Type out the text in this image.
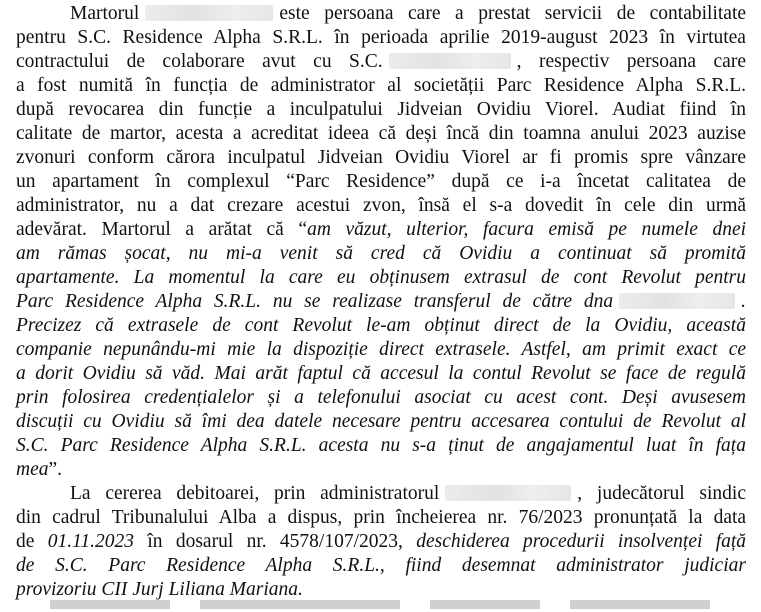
Martorul	este persoana care a prestat servicii de contabilitate
pentru S.C. Residence Alpha S.R.L. în perioada aprilie 2019-august 2023 în virtutea
contractului de colaborare avut cu S.C.	, respectiv persoana care
a fost numită în funcția de administrator al societății Parc Residence Alpha S.R.L.
după revocarea din funcție a inculpatului Jidveian Ovidiu Viorel. Audiat fiind în
calitate de martor, acesta a acreditat ideea că deși încă din toamna anului 2023 auzise
zvonuri conform cărora inculpatul Jidveian Ovidiu Viorel ar fi promis spre vânzare
un apartament în complexul “Parc Residence” după ce i-a încetat calitatea de
administrator, nu a dat crezare acestui zvon, însă el s-a dovedit în cele din urmă
adevărat. Martorul a arătat că “am văzut, ulterior, facura emisă pe numele dnei
am rămas șocat, nu mi-a venit să cred că Ovidiu a continuat să promită
apartamente. La momentul la care eu obținusem extrasul de cont Revolut pentru
Parc Residence Alpha S.R.L. nu se realizase transferul de către dna	.
Precizez că extrasele de cont Revolut le-am obținut direct de la Ovidiu, această
companie nepunându-mi mie la dispoziție direct extrasele. Astfel, am primit exact ce
a dorit Ovidiu să văd. Mai arăt faptul că accesul la contul Revolut se face de regulă
prin folosirea credențialelor și a telefonului asociat cu acest cont. Deși avusesem
discuții cu Ovidiu să îmi dea datele necesare pentru accesarea contului de Revolut al
S.C. Parc Residence Alpha S.R.L. acesta nu s-a ținut de angajamentul luat în fața
mea”.
La cererea debitoarei, prin administratorul	, judecătorul sindic
din cadrul Tribunalului Alba a dispus, prin încheierea nr. 76/2023 pronunțată la data
de 01.11.2023 în dosarul nr. 4578/107/2023, deschiderea procedurii insolvenței față
de S.C. Parc Residence Alpha S.R.L., fiind desemnat administrator judiciar
provizoriu CII Jurj Liliana Mariana.
